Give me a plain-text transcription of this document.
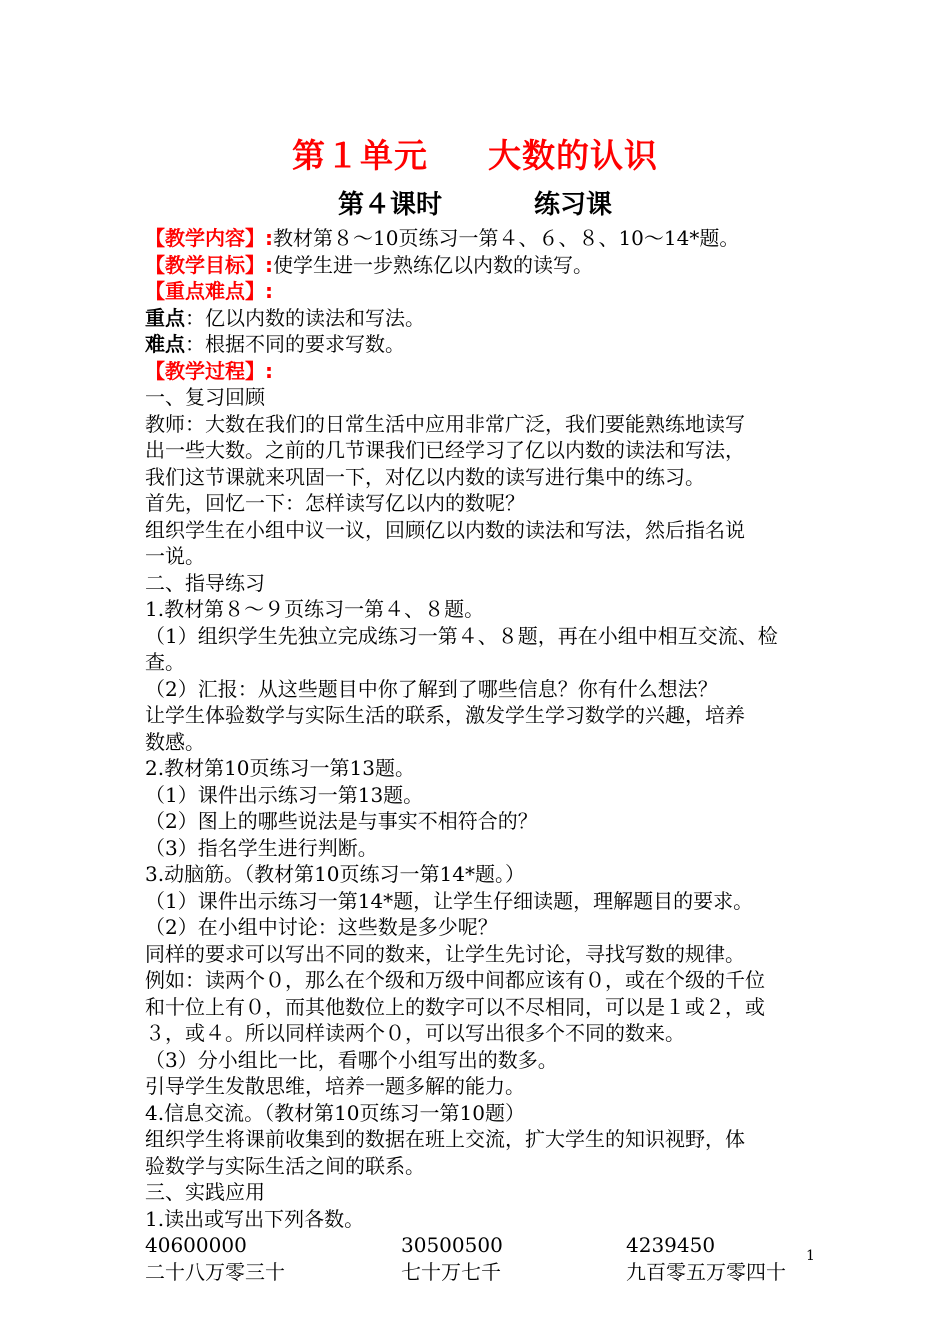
第１单元 大数的认识
第４课时	练习课
【教学内容】:教材第８～10页练习一第４、６、８、10～14*题。
【教学目标】:使学生进一步熟练亿以内数的读写。
【重点难点】:
重点：亿以内数的读法和写法。
难点：根据不同的要求写数。
【教学过程】:
一、复习回顾
教师：大数在我们的日常生活中应用非常广泛，我们要能熟练地读写
出一些大数。之前的几节课我们已经学习了亿以内数的读法和写法，
我们这节课就来巩固一下，对亿以内数的读写进行集中的练习。
首先，回忆一下：怎样读写亿以内的数呢？
组织学生在小组中议一议，回顾亿以内数的读法和写法，然后指名说
一说。
二、指导练习
1.教材第８～９页练习一第４、８题。
（1）组织学生先独立完成练习一第４、８题，再在小组中相互交流、检
查。
（2）汇报：从这些题目中你了解到了哪些信息？你有什么想法？
让学生体验数学与实际生活的联系，激发学生学习数学的兴趣，培养
数感。
2.教材第10页练习一第13题。
（1）课件出示练习一第13题。
（2）图上的哪些说法是与事实不相符合的？
（3）指名学生进行判断。
3.动脑筋。（教材第10页练习一第14*题。）
（1）课件出示练习一第14*题，让学生仔细读题，理解题目的要求。
（2）在小组中讨论：这些数是多少呢？
同样的要求可以写出不同的数来，让学生先讨论，寻找写数的规律。
例如：读两个０，那么在个级和万级中间都应该有０，或在个级的千位
和十位上有０，而其他数位上的数字可以不尽相同，可以是１或２，或
３，或４。所以同样读两个０，可以写出很多个不同的数来。
（3）分小组比一比，看哪个小组写出的数多。
引导学生发散思维，培养一题多解的能力。
4.信息交流。（教材第10页练习一第10题）
组织学生将课前收集到的数据在班上交流，扩大学生的知识视野，体
验数学与实际生活之间的联系。
三、实践应用
1.读出或写出下列各数。
40600000	30500500	4239450
二十八万零三十	七十万七千	九百零五万零四十
1
